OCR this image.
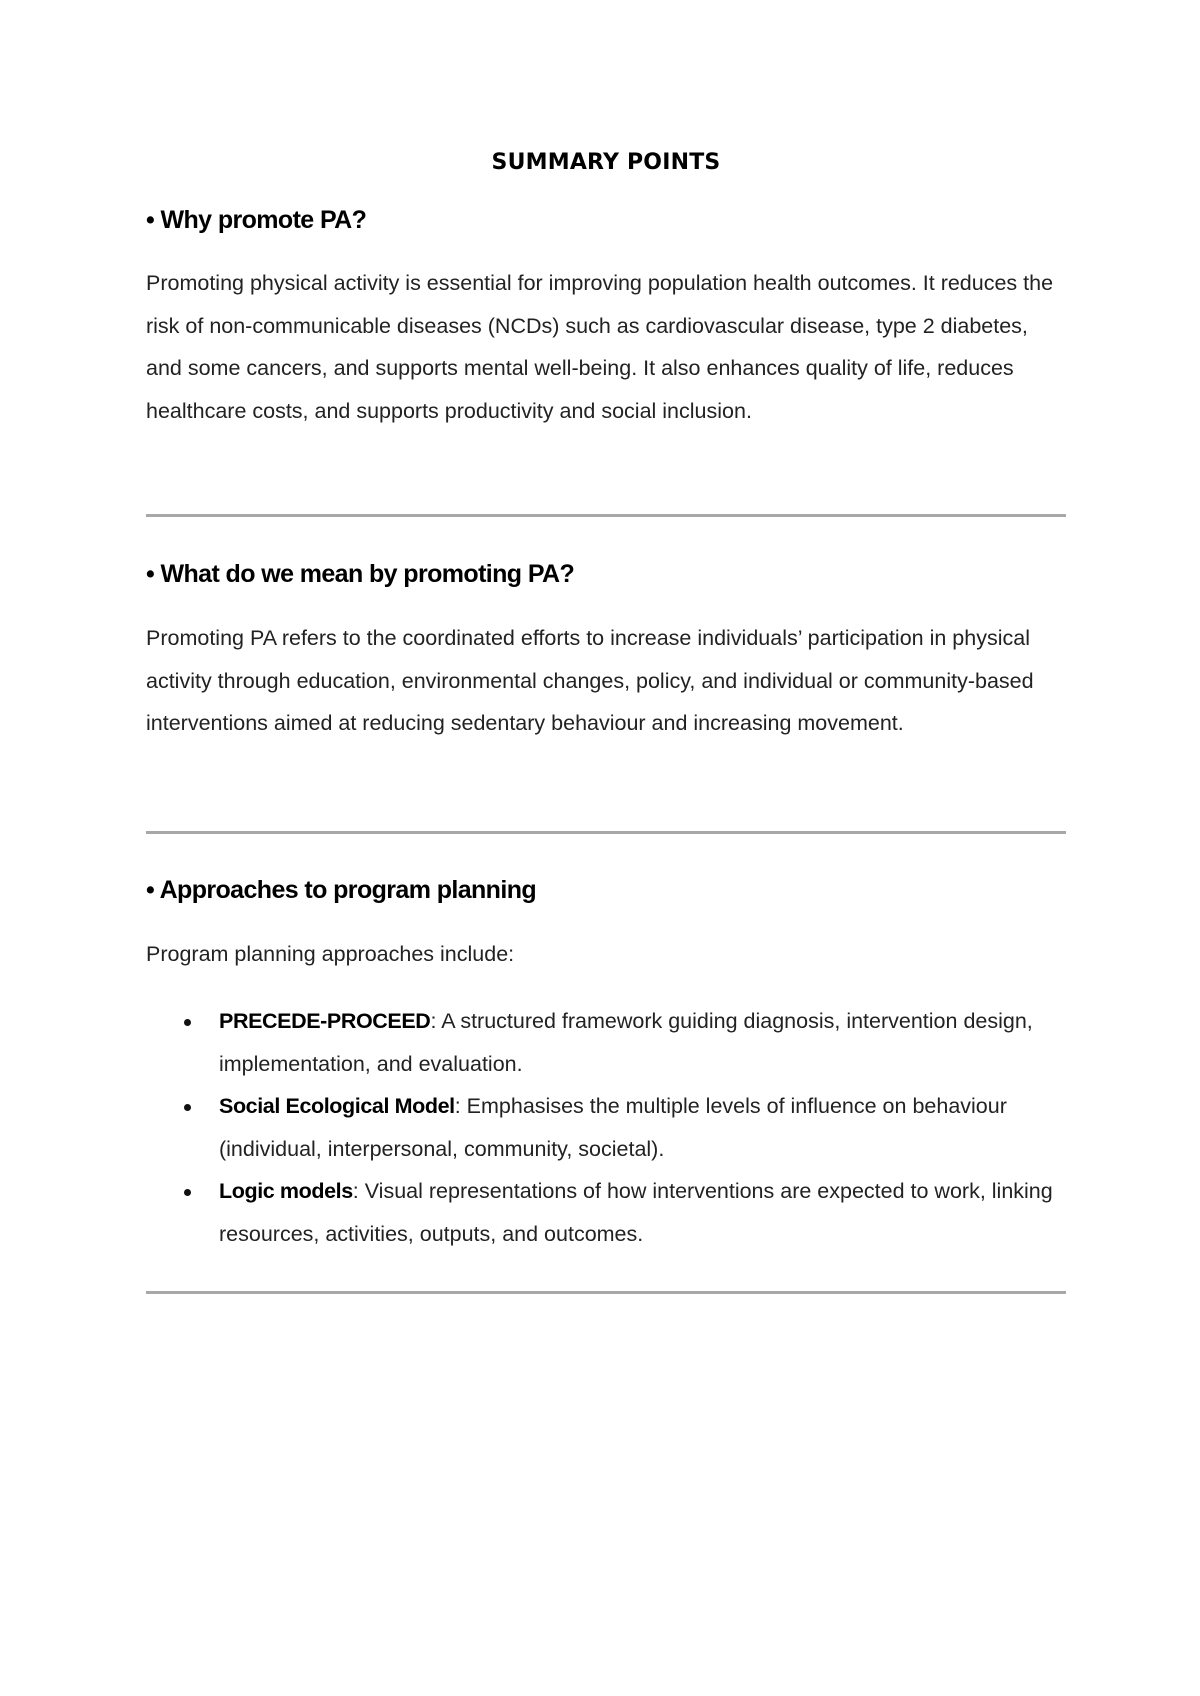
SUMMARY POINTS
• Why promote PA?
Promoting physical activity is essential for improving population health outcomes. It reduces the risk of non-communicable diseases (NCDs) such as cardiovascular disease, type 2 diabetes, and some cancers, and supports mental well-being. It also enhances quality of life, reduces healthcare costs, and supports productivity and social inclusion.
• What do we mean by promoting PA?
Promoting PA refers to the coordinated efforts to increase individuals’ participation in physical activity through education, environmental changes, policy, and individual or community-based interventions aimed at reducing sedentary behaviour and increasing movement.
• Approaches to program planning
Program planning approaches include:
PRECEDE-PROCEED: A structured framework guiding diagnosis, intervention design, implementation, and evaluation.
Social Ecological Model: Emphasises the multiple levels of influence on behaviour (individual, interpersonal, community, societal).
Logic models: Visual representations of how interventions are expected to work, linking resources, activities, outputs, and outcomes.
